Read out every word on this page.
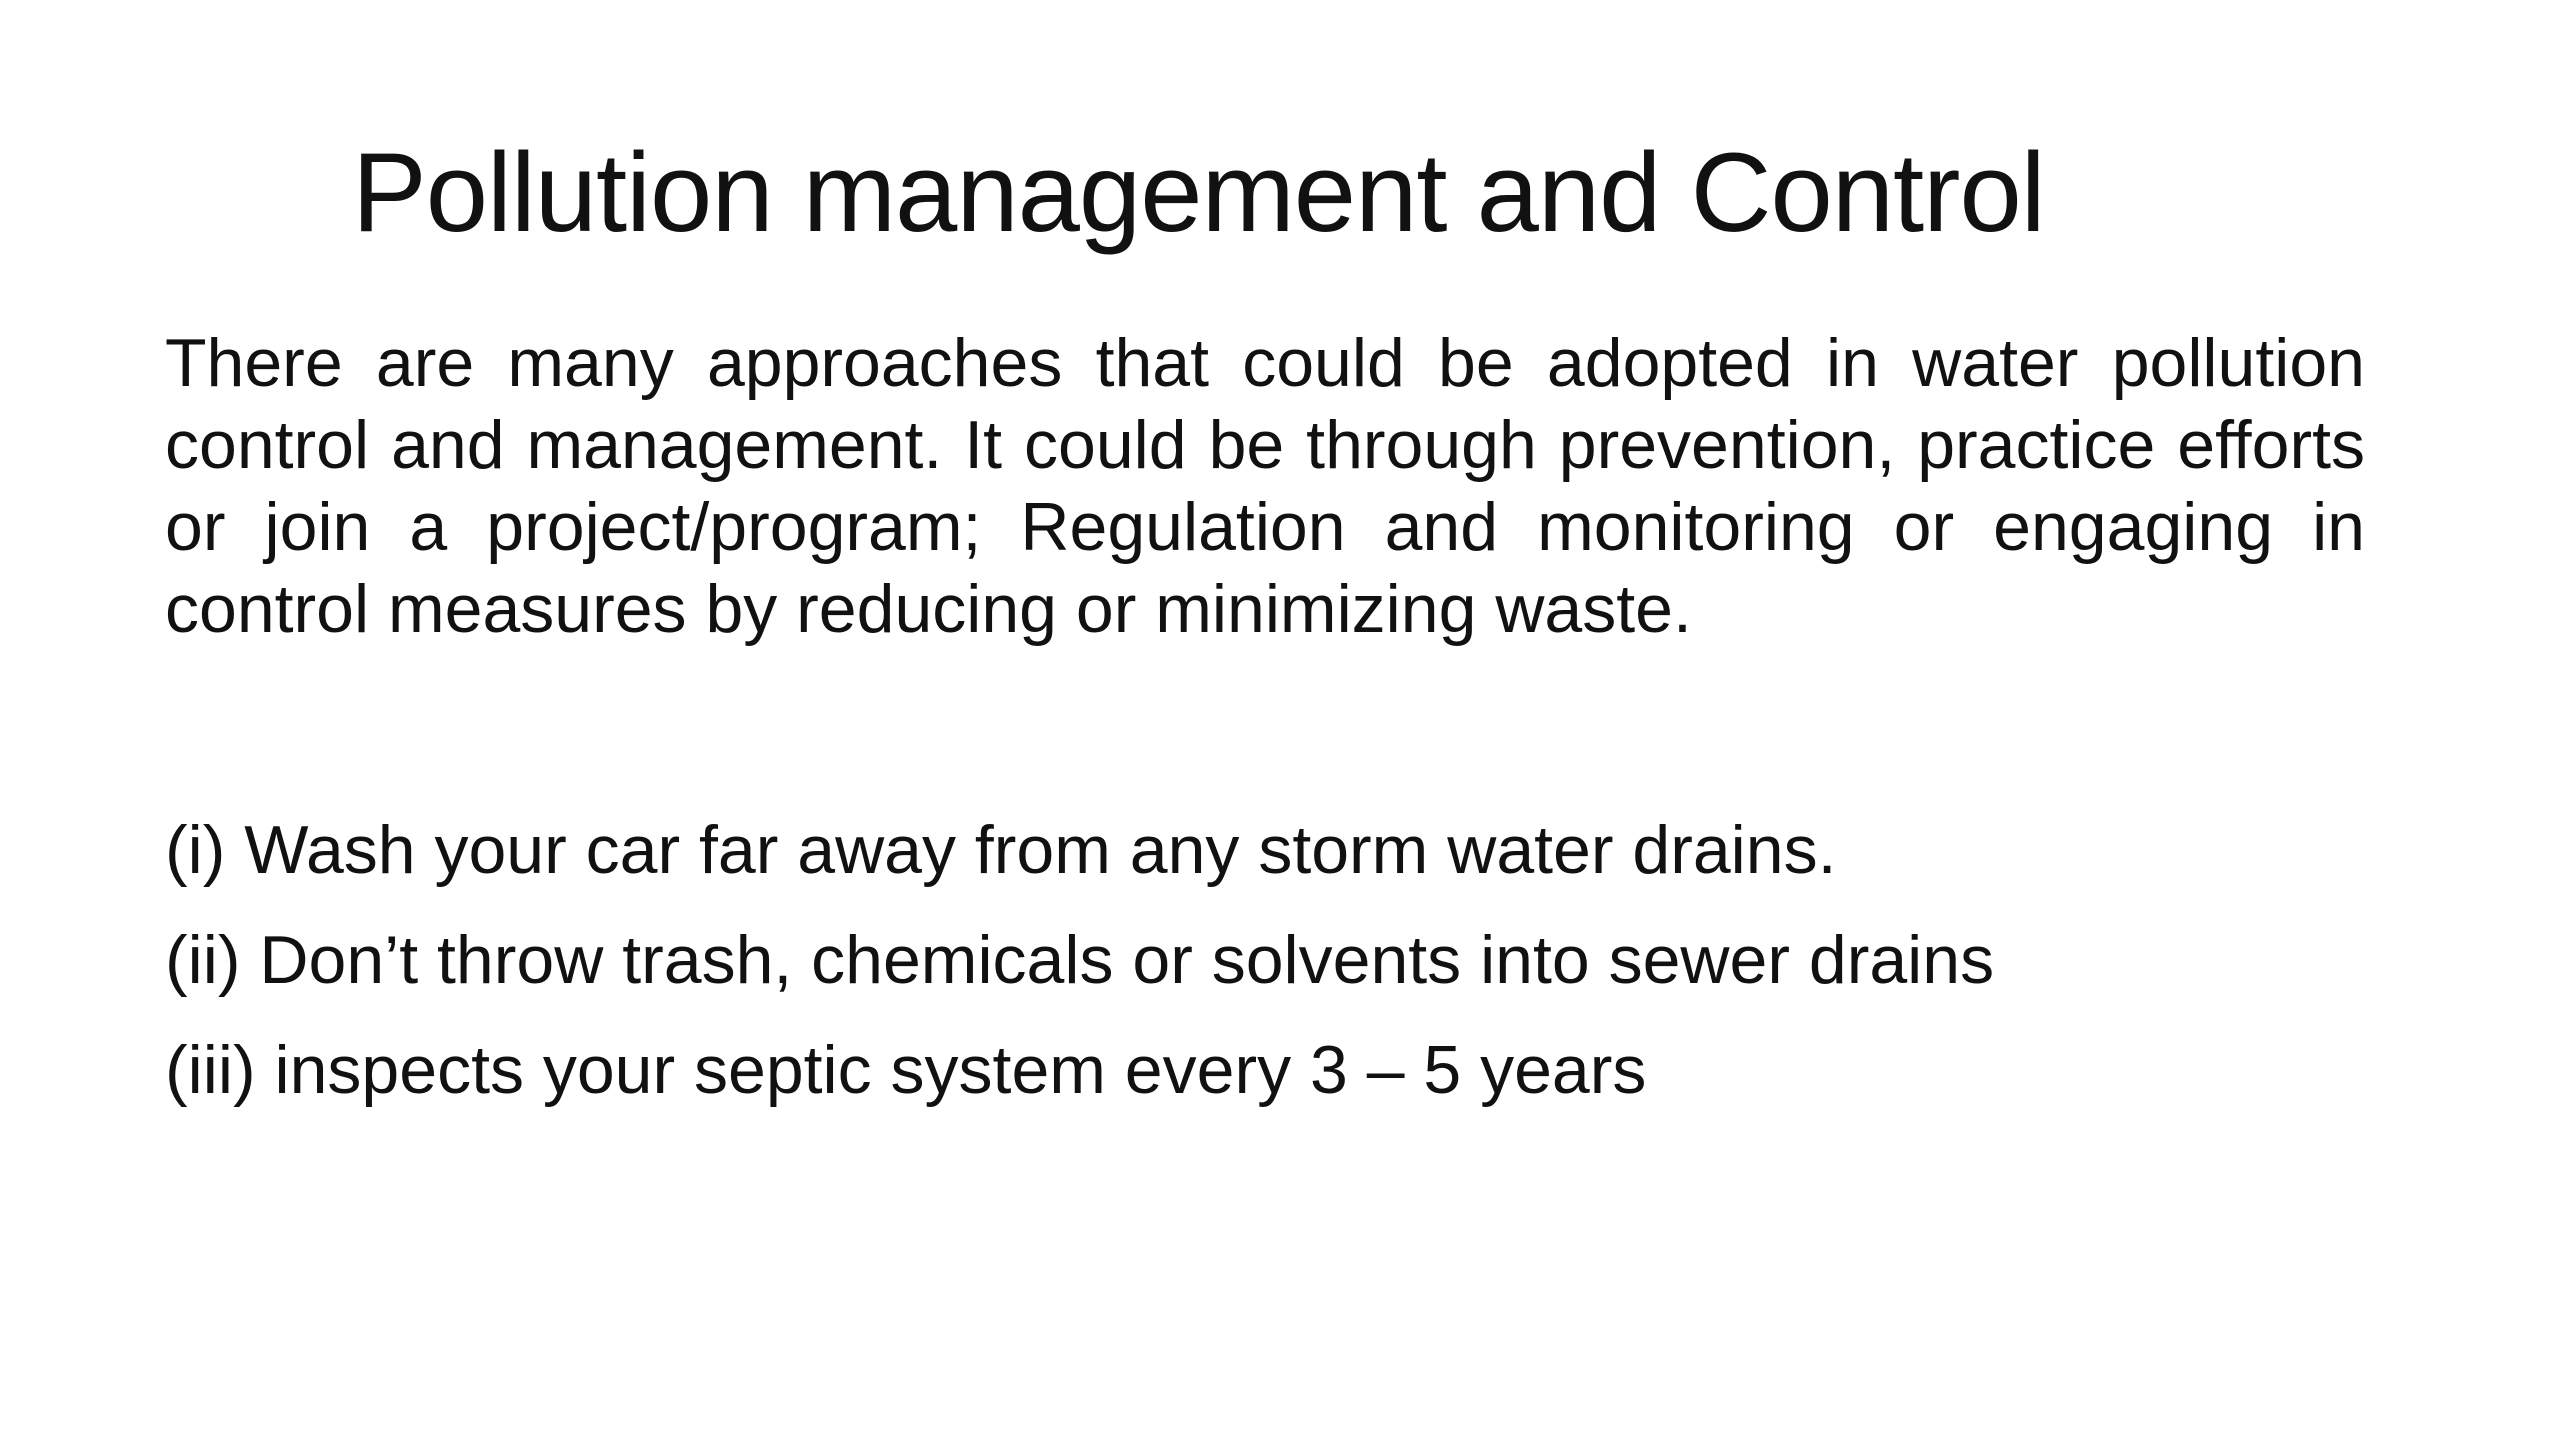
Pollution management and Control

There are many approaches that could be adopted in water pollution control and management. It could be through prevention, practice efforts or join a project/program; Regulation and monitoring or engaging in control measures by reducing or minimizing waste.

(i) Wash your car far away from any storm water drains.
(ii) Don’t throw trash, chemicals or solvents into sewer drains
(iii) inspects your septic system every 3 – 5 years
